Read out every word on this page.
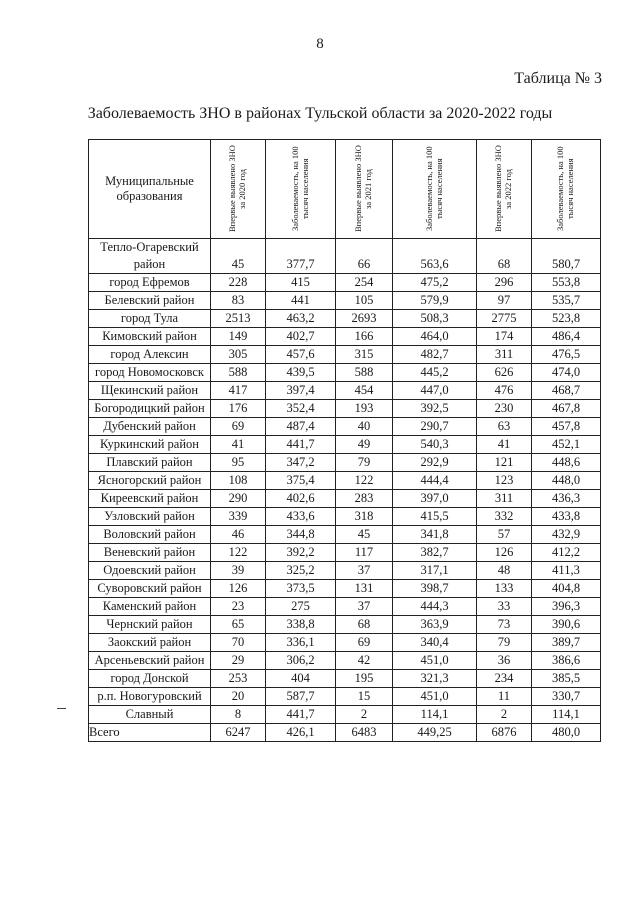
8
Таблица № 3
Заболеваемость ЗНО в районах Тульской области за 2020-2022 годы
Муниципальные образования	Впервые выявлено ЗНО за 2020 год	Заболеваемость, на 100 тысяч населения	Впервые выявлено ЗНО за 2021 год	Заболеваемость, на 100 тысяч населения	Впервые выявлено ЗНО за 2022 год	Заболеваемость, на 100 тысяч населения

Тепло-Огаревский район	45	377,7	66	563,6	68	580,7
город Ефремов	228	415	254	475,2	296	553,8
Белевский район	83	441	105	579,9	97	535,7
город Тула	2513	463,2	2693	508,3	2775	523,8
Кимовский район	149	402,7	166	464,0	174	486,4
город Алексин	305	457,6	315	482,7	311	476,5
город Новомосковск	588	439,5	588	445,2	626	474,0
Щекинский район	417	397,4	454	447,0	476	468,7
Богородицкий район	176	352,4	193	392,5	230	467,8
Дубенский район	69	487,4	40	290,7	63	457,8
Куркинский район	41	441,7	49	540,3	41	452,1
Плавский район	95	347,2	79	292,9	121	448,6
Ясногорский район	108	375,4	122	444,4	123	448,0
Киреевский район	290	402,6	283	397,0	311	436,3
Узловский район	339	433,6	318	415,5	332	433,8
Воловский район	46	344,8	45	341,8	57	432,9
Веневский район	122	392,2	117	382,7	126	412,2
Одоевский район	39	325,2	37	317,1	48	411,3
Суворовский район	126	373,5	131	398,7	133	404,8
Каменский район	23	275	37	444,3	33	396,3
Чернский район	65	338,8	68	363,9	73	390,6
Заокский район	70	336,1	69	340,4	79	389,7
Арсеньевский район	29	306,2	42	451,0	36	386,6
город Донской	253	404	195	321,3	234	385,5
р.п. Новогуровский	20	587,7	15	451,0	11	330,7
Славный	8	441,7	2	114,1	2	114,1
Всего	6247	426,1	6483	449,25	6876	480,0
